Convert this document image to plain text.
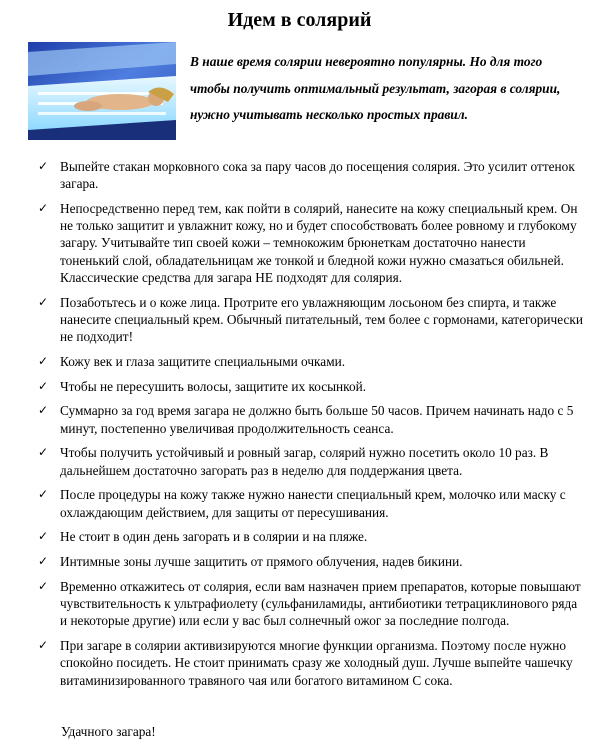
Идем в солярий
В наше время солярии невероятно популярны. Но для того чтобы получить оптимальный результат, загорая в солярии, нужно учитывать несколько простых правил.
✓ Выпейте стакан морковного сока за пару часов до посещения солярия. Это усилит оттенок загара.
✓ Непосредственно перед тем, как пойти в солярий, нанесите на кожу специальный крем. Он не только защитит и увлажнит кожу, но и будет способствовать более ровному и глубокому загару. Учитывайте тип своей кожи – темнокожим брюнеткам достаточно нанести тоненький слой, обладательницам же тонкой и бледной кожи нужно смазаться обильней. Классические средства для загара НЕ подходят для солярия.
✓ Позаботьтесь и о коже лица. Протрите его увлажняющим лосьоном без спирта, и также нанесите специальный крем. Обычный питательный, тем более с гормонами, категорически не подходит!
✓ Кожу век и глаза защитите специальными очками.
✓ Чтобы не пересушить волосы, защитите их косынкой.
✓ Суммарно за год время загара не должно быть больше 50 часов. Причем начинать надо с 5 минут, постепенно увеличивая продолжительность сеанса.
✓ Чтобы получить устойчивый и ровный загар, солярий нужно посетить около 10 раз. В дальнейшем достаточно загорать раз в неделю для поддержания цвета.
✓ После процедуры на кожу также нужно нанести специальный крем, молочко или маску с охлаждающим действием, для защиты от пересушивания.
✓ Не стоит в один день загорать и в солярии и на пляже.
✓ Интимные зоны лучше защитить от прямого облучения, надев бикини.
✓ Временно откажитесь от солярия, если вам назначен прием препаратов, которые повышают чувствительность к ультрафиолету (сульфаниламиды, антибиотики тетрациклинового ряда и некоторые другие) или если у вас был солнечный ожог за последние полгода.
✓ При загаре в солярии активизируются многие функции организма. Поэтому после нужно спокойно посидеть. Не стоит принимать сразу же холодный душ. Лучше выпейте чашечку витаминизированного травяного чая или богатого витамином С сока.
Удачного загара!
